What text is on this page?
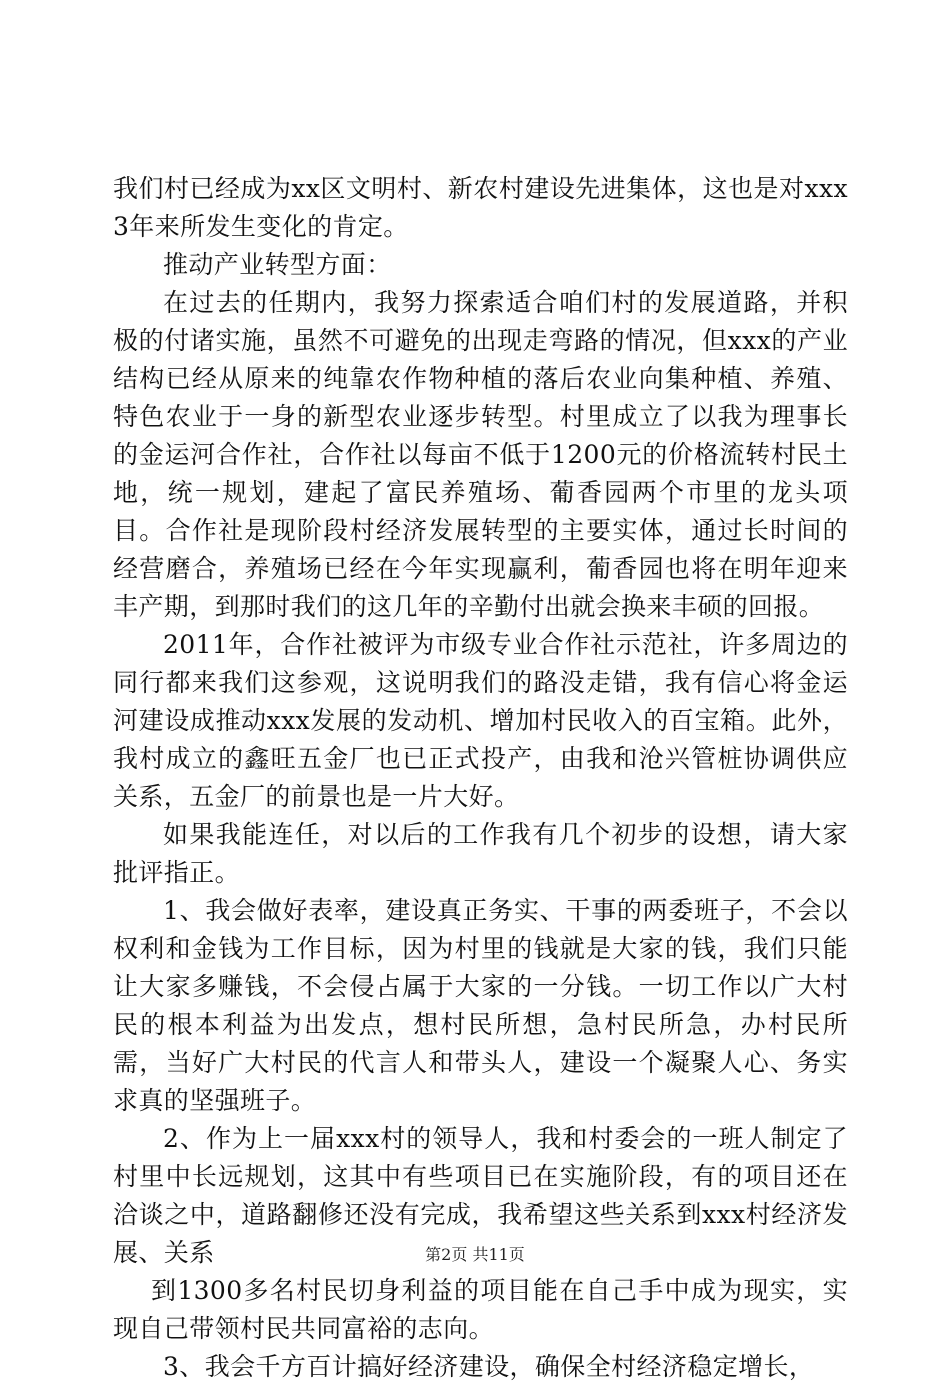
我们村已经成为xx区文明村、新农村建设先进集体，这也是对xxx3年来所发生变化的肯定。

推动产业转型方面：

在过去的任期内，我努力探索适合咱们村的发展道路，并积极的付诸实施，虽然不可避免的出现走弯路的情况，但xxx的产业结构已经从原来的纯靠农作物种植的落后农业向集种植、养殖、特色农业于一身的新型农业逐步转型。村里成立了以我为理事长的金运河合作社，合作社以每亩不低于1200元的价格流转村民土地，统一规划，建起了富民养殖场、葡香园两个市里的龙头项目。合作社是现阶段村经济发展转型的主要实体，通过长时间的经营磨合，养殖场已经在今年实现赢利，葡香园也将在明年迎来丰产期，到那时我们的这几年的辛勤付出就会换来丰硕的回报。

2011年，合作社被评为市级专业合作社示范社，许多周边的同行都来我们这参观，这说明我们的路没走错，我有信心将金运河建设成推动xxx发展的发动机、增加村民收入的百宝箱。此外，我村成立的鑫旺五金厂也已正式投产，由我和沧兴管桩协调供应关系，五金厂的前景也是一片大好。

如果我能连任，对以后的工作我有几个初步的设想，请大家批评指正。

1、我会做好表率，建设真正务实、干事的两委班子，不会以权利和金钱为工作目标，因为村里的钱就是大家的钱，我们只能让大家多赚钱，不会侵占属于大家的一分钱。一切工作以广大村民的根本利益为出发点，想村民所想，急村民所急，办村民所需，当好广大村民的代言人和带头人，建设一个凝聚人心、务实求真的坚强班子。

2、作为上一届xxx村的领导人，我和村委会的一班人制定了村里中长远规划，这其中有些项目已在实施阶段，有的项目还在洽谈之中，道路翻修还没有完成，我希望这些关系到xxx村经济发展、关系

到1300多名村民切身利益的项目能在自己手中成为现实，实现自己带领村民共同富裕的志向。

3、我会千方百计搞好经济建设，确保全村经济稳定增长，

第2页 共11页
